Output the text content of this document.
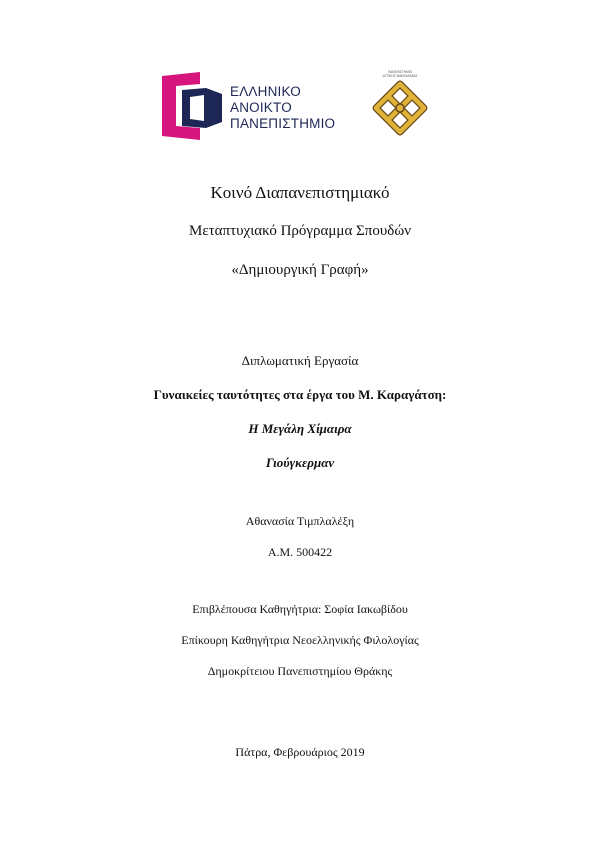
ΕΛΛΗΝΙΚΟ
ΑΝΟΙΚΤΟ
ΠΑΝΕΠΙΣΤΗΜΙΟ
ΠΑΝΕΠΙΣΤΗΜΙΟ
ΔΥΤΙΚΗΣ ΜΑΚΕΔΟΝΙΑΣ
Κοινό Διαπανεπιστημιακό
Μεταπτυχιακό Πρόγραμμα Σπουδών
«Δημιουργική Γραφή»
Διπλωματική Εργασία
Γυναικείες ταυτότητες στα έργα του Μ. Καραγάτση:
Η Μεγάλη Χίμαιρα
Γιούγκερμαν
Αθανασία Τιμπλαλέξη
Α.Μ. 500422
Επιβλέπουσα Καθηγήτρια: Σοφία Ιακωβίδου
Επίκουρη Καθηγήτρια Νεοελληνικής Φιλολογίας
Δημοκρίτειου Πανεπιστημίου Θράκης
Πάτρα, Φεβρουάριος 2019
